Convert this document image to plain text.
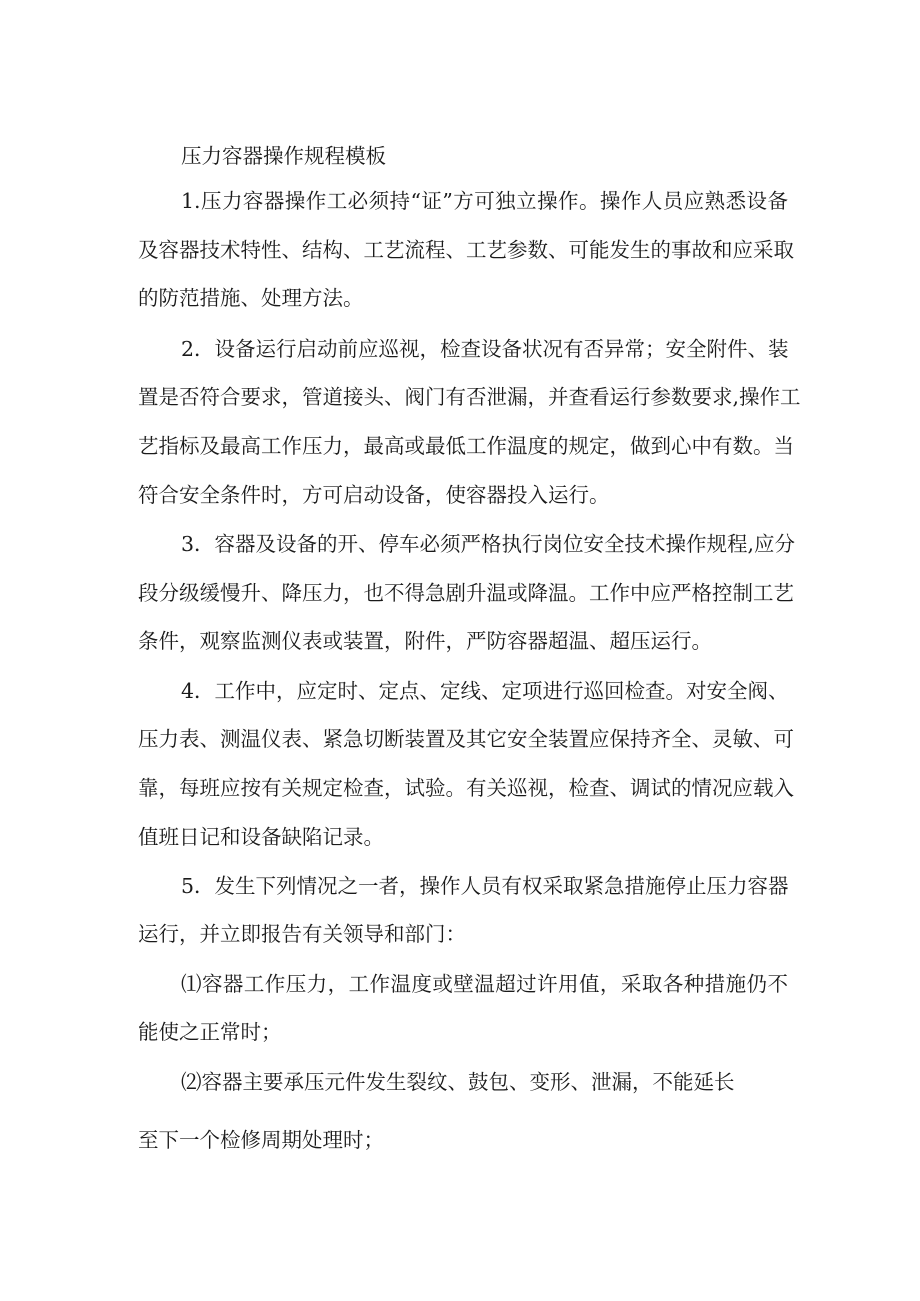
压力容器操作规程模板
1.压力容器操作工必须持“证”方可独立操作。操作人员应熟悉设备
及容器技术特性、结构、工艺流程、工艺参数、可能发生的事故和应采取
的防范措施、处理方法。
2．设备运行启动前应巡视，检查设备状况有否异常；安全附件、装
置是否符合要求，管道接头、阀门有否泄漏，并查看运行参数要求,操作工
艺指标及最高工作压力，最高或最低工作温度的规定，做到心中有数。当
符合安全条件时，方可启动设备，使容器投入运行。
3．容器及设备的开、停车必须严格执行岗位安全技术操作规程,应分
段分级缓慢升、降压力，也不得急剧升温或降温。工作中应严格控制工艺
条件，观察监测仪表或装置，附件，严防容器超温、超压运行。
4．工作中，应定时、定点、定线、定项进行巡回检查。对安全阀、
压力表、测温仪表、紧急切断装置及其它安全装置应保持齐全、灵敏、可
靠，每班应按有关规定检查，试验。有关巡视，检查、调试的情况应载入
值班日记和设备缺陷记录。
5．发生下列情况之一者，操作人员有权采取紧急措施停止压力容器
运行，并立即报告有关领导和部门：
⑴容器工作压力，工作温度或壁温超过许用值，采取各种措施仍不
能使之正常时；
⑵容器主要承压元件发生裂纹、鼓包、变形、泄漏，不能延长
至下一个检修周期处理时；
